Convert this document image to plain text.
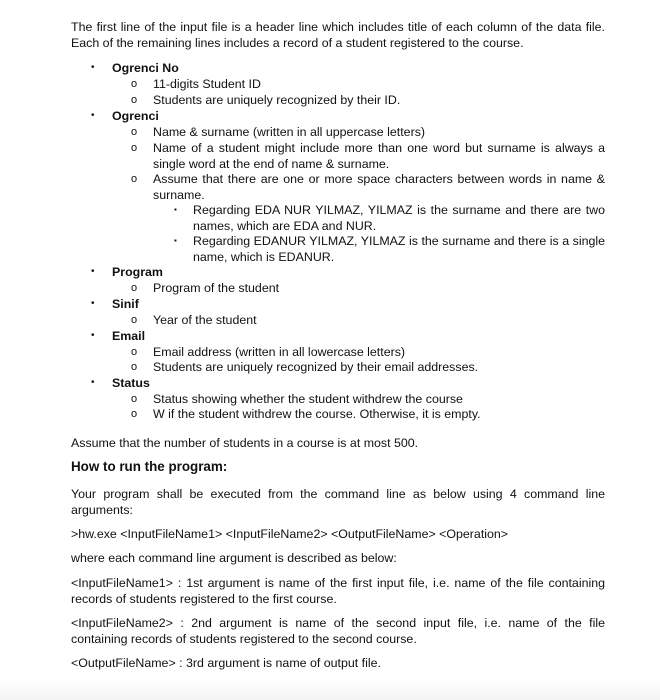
The first line of the input file is a header line which includes title of each column of the data file. Each of the remaining lines includes a record of a student registered to the course.

• Ogrenci No
o 11-digits Student ID

o Students are uniquely recognized by their ID.

• Ogrenci
o Name & surname (written in all uppercase letters)

o Name of a student might include more than one word but surname is always a single word at the end of name & surname.

o Assume that there are one or more space characters between words in name & surname.

▪ Regarding EDA NUR YILMAZ, YILMAZ is the surname and there are two names, which are EDA and NUR.

▪ Regarding EDANUR YILMAZ, YILMAZ is the surname and there is a single name, which is EDANUR.

• Program
o Program of the student

• Sinif
o Year of the student

• Email
o Email address (written in all lowercase letters)

o Students are uniquely recognized by their email addresses.

• Status
o Status showing whether the student withdrew the course

o W if the student withdrew the course. Otherwise, it is empty.

Assume that the number of students in a course is at most 500.

How to run the program:

Your program shall be executed from the command line as below using 4 command line arguments:

>hw.exe <InputFileName1> <InputFileName2> <OutputFileName> <Operation>

where each command line argument is described as below:

<InputFileName1> : 1st argument is name of the first input file, i.e. name of the file containing records of students registered to the first course.

<InputFileName2> : 2nd argument is name of the second input file, i.e. name of the file containing records of students registered to the second course.

<OutputFileName> : 3rd argument is name of output file.
